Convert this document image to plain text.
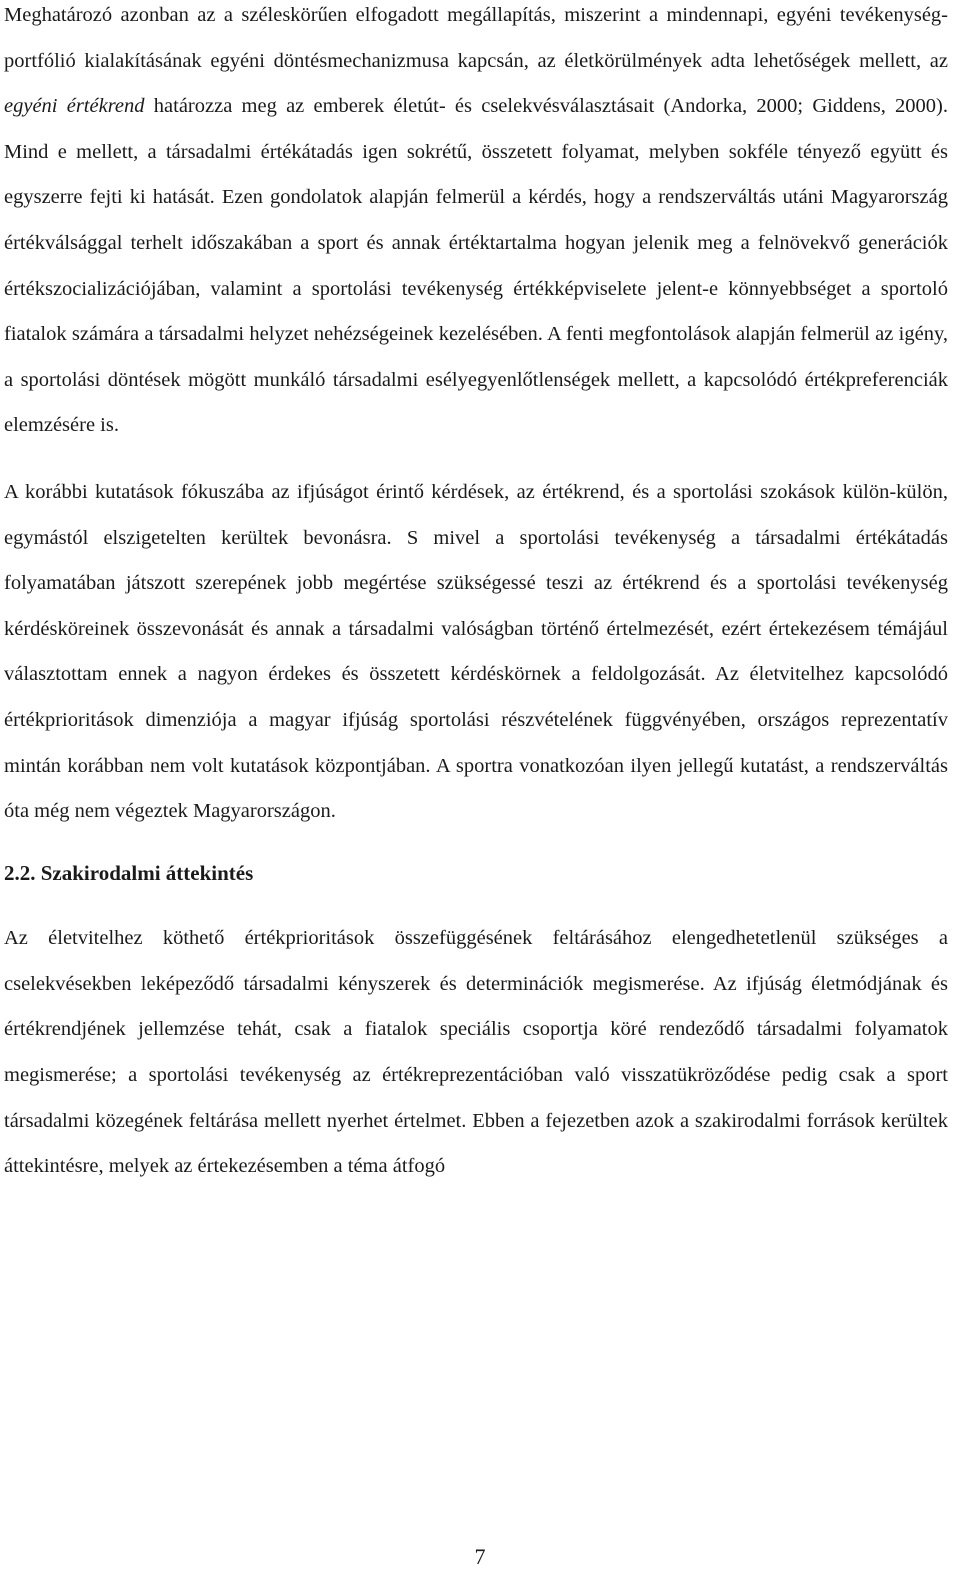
Meghatározó azonban az a széleskörűen elfogadott megállapítás, miszerint a mindennapi, egyéni tevékenység-portfólió kialakításának egyéni döntésmechanizmusa kapcsán, az életkörülmények adta lehetőségek mellett, az egyéni értékrend határozza meg az emberek életút- és cselekvésválasztásait (Andorka, 2000; Giddens, 2000). Mind e mellett, a társadalmi értékátadás igen sokrétű, összetett folyamat, melyben sokféle tényező együtt és egyszerre fejti ki hatását. Ezen gondolatok alapján felmerül a kérdés, hogy a rendszerváltás utáni Magyarország értékválsággal terhelt időszakában a sport és annak értéktartalma hogyan jelenik meg a felnövekvő generációk értékszocializációjában, valamint a sportolási tevékenység értékképviselete jelent-e könnyebbséget a sportoló fiatalok számára a társadalmi helyzet nehézségeinek kezelésében. A fenti megfontolások alapján felmerül az igény, a sportolási döntések mögött munkáló társadalmi esélyegyenlőtlenségek mellett, a kapcsolódó értékpreferenciák elemzésére is.

A korábbi kutatások fókuszába az ifjúságot érintő kérdések, az értékrend, és a sportolási szokások külön-külön, egymástól elszigetelten kerültek bevonásra. S mivel a sportolási tevékenység a társadalmi értékátadás folyamatában játszott szerepének jobb megértése szükségessé teszi az értékrend és a sportolási tevékenység kérdésköreinek összevonását és annak a társadalmi valóságban történő értelmezését, ezért értekezésem témájául választottam ennek a nagyon érdekes és összetett kérdéskörnek a feldolgozását. Az életvitelhez kapcsolódó értékprioritások dimenziója a magyar ifjúság sportolási részvételének függvényében, országos reprezentatív mintán korábban nem volt kutatások központjában. A sportra vonatkozóan ilyen jellegű kutatást, a rendszerváltás óta még nem végeztek Magyarországon.

2.2. Szakirodalmi áttekintés

Az életvitelhez köthető értékprioritások összefüggésének feltárásához elengedhetetlenül szükséges a cselekvésekben leképeződő társadalmi kényszerek és determinációk megismerése. Az ifjúság életmódjának és értékrendjének jellemzése tehát, csak a fiatalok speciális csoportja köré rendeződő társadalmi folyamatok megismerése; a sportolási tevékenység az értékreprezentációban való visszatükröződése pedig csak a sport társadalmi közegének feltárása mellett nyerhet értelmet. Ebben a fejezetben azok a szakirodalmi források kerültek áttekintésre, melyek az értekezésemben a téma átfogó

7
